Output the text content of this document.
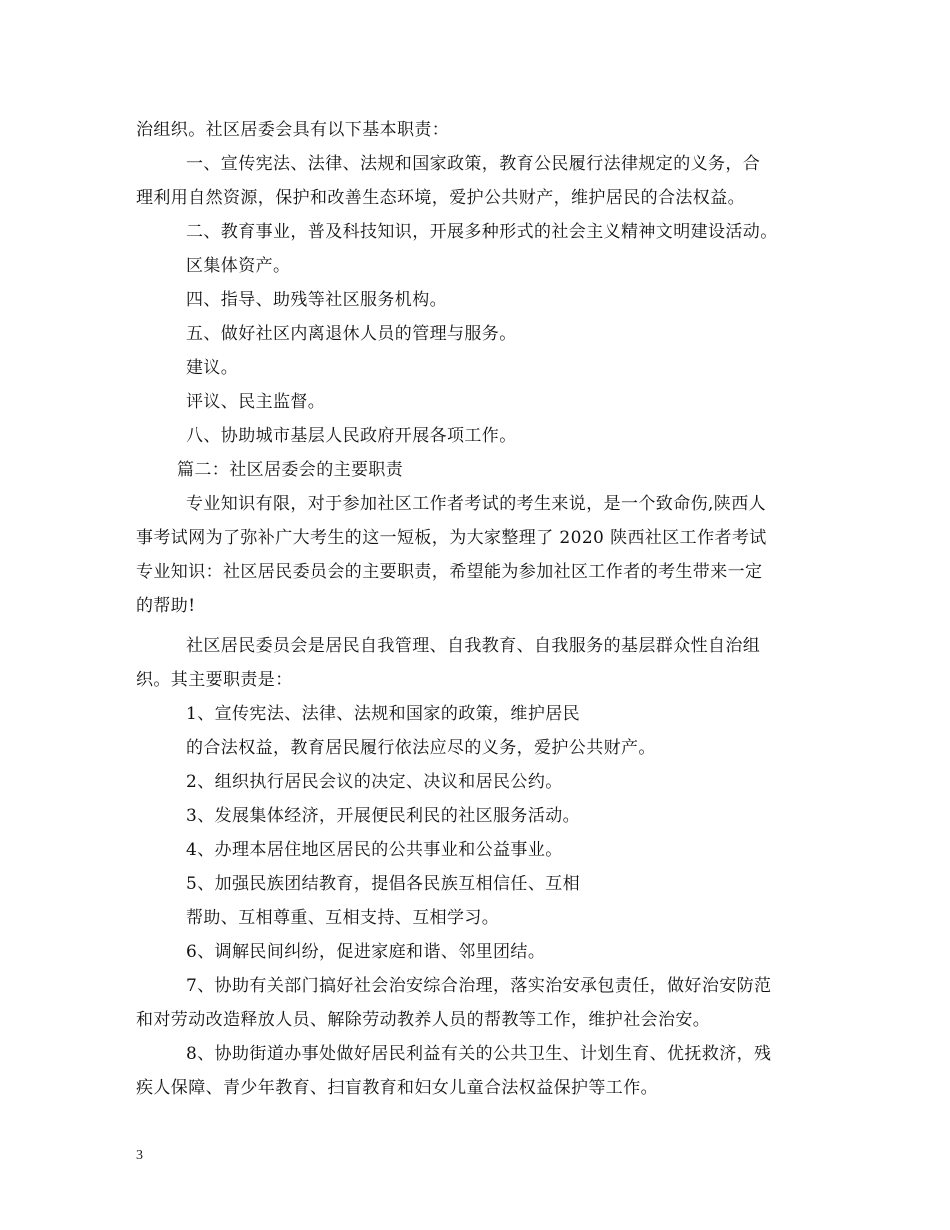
治组织。社区居委会具有以下基本职责：
一、宣传宪法、法律、法规和国家政策，教育公民履行法律规定的义务，合
理利用自然资源，保护和改善生态环境，爱护公共财产，维护居民的合法权益。
二、教育事业，普及科技知识，开展多种形式的社会主义精神文明建设活动。
区集体资产。
四、指导、助残等社区服务机构。
五、做好社区内离退休人员的管理与服务。
建议。
评议、民主监督。
八、协助城市基层人民政府开展各项工作。
篇二：社区居委会的主要职责
专业知识有限，对于参加社区工作者考试的考生来说，是一个致命伤,陕西人
事考试网为了弥补广大考生的这一短板，为大家整理了 2020 陕西社区工作者考试
专业知识：社区居民委员会的主要职责，希望能为参加社区工作者的考生带来一定
的帮助!
社区居民委员会是居民自我管理、自我教育、自我服务的基层群众性自治组
织。其主要职责是：
1、宣传宪法、法律、法规和国家的政策，维护居民
的合法权益，教育居民履行依法应尽的义务，爱护公共财产。
2、组织执行居民会议的决定、决议和居民公约。
3、发展集体经济，开展便民利民的社区服务活动。
4、办理本居住地区居民的公共事业和公益事业。
5、加强民族团结教育，提倡各民族互相信任、互相
帮助、互相尊重、互相支持、互相学习。
6、调解民间纠纷，促进家庭和谐、邻里团结。
7、协助有关部门搞好社会治安综合治理，落实治安承包责任，做好治安防范
和对劳动改造释放人员、解除劳动教养人员的帮教等工作，维护社会治安。
8、协助街道办事处做好居民利益有关的公共卫生、计划生育、优抚救济，残
疾人保障、青少年教育、扫盲教育和妇女儿童合法权益保护等工作。
3
